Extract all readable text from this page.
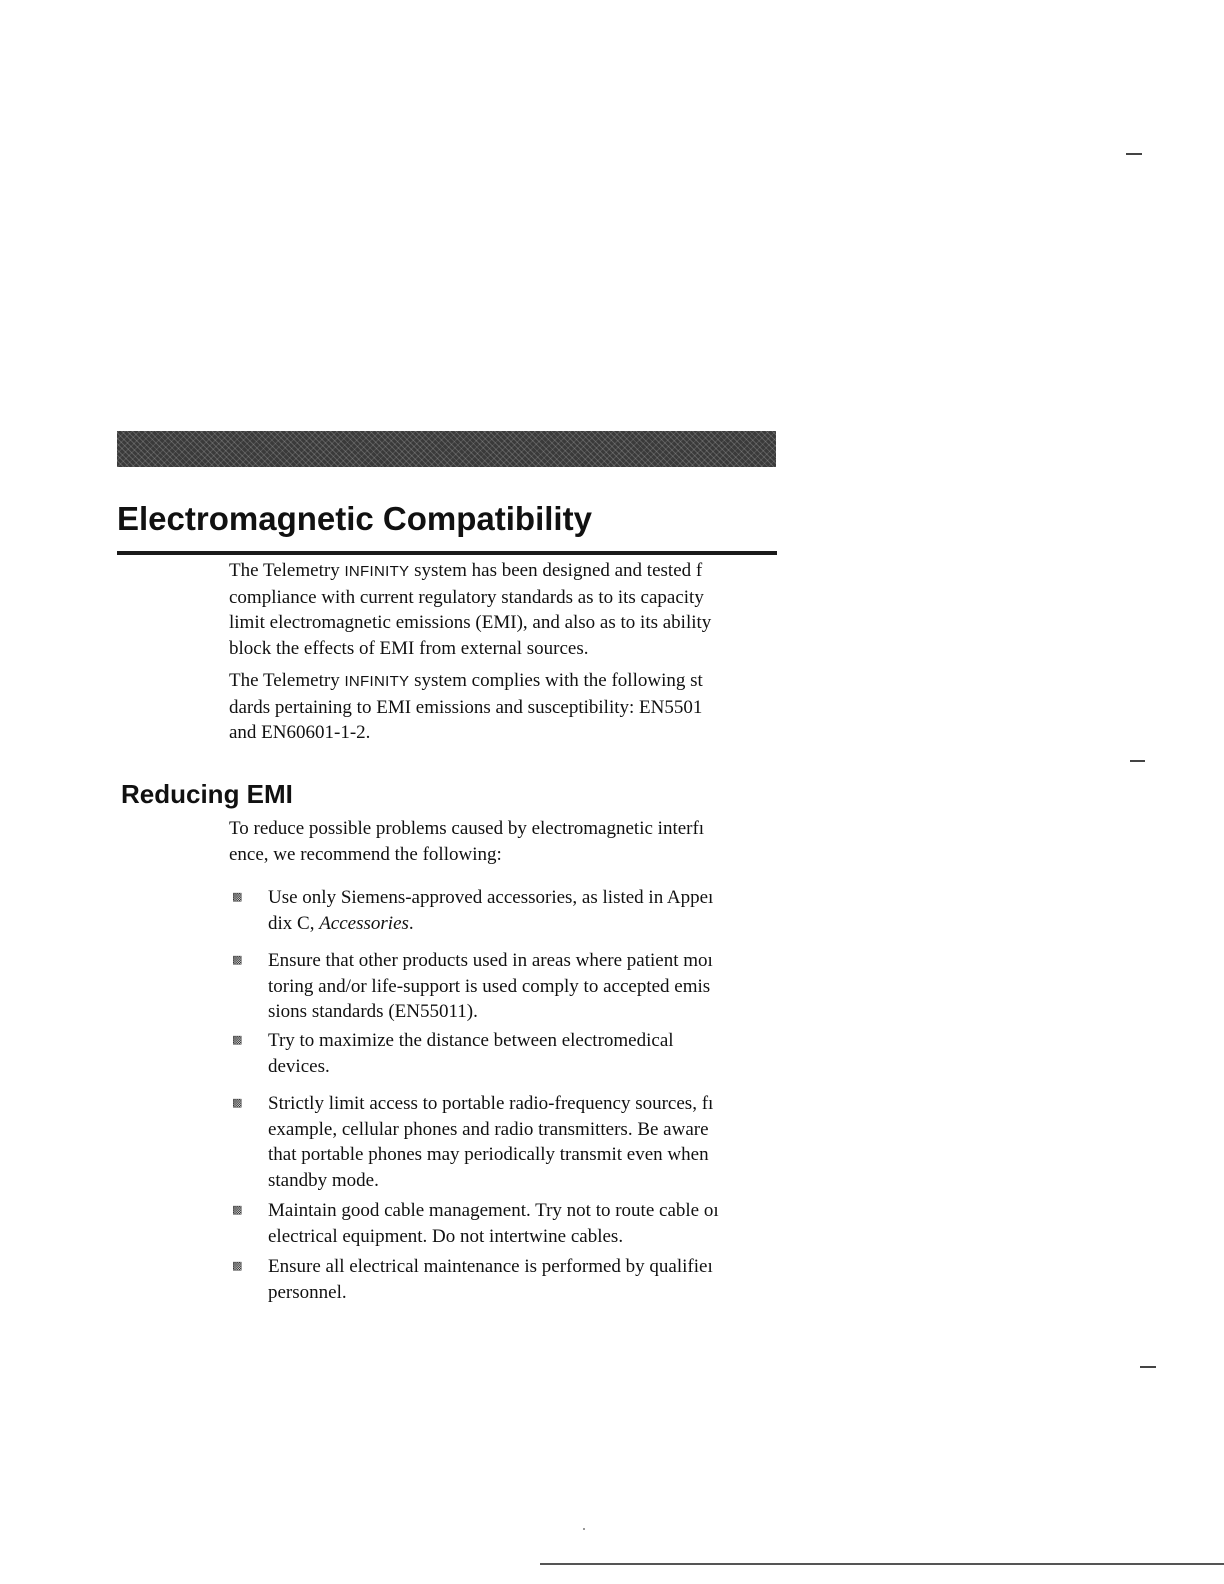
Electromagnetic Compatibility
The Telemetry INFINITY system has been designed and tested f
compliance with current regulatory standards as to its capacity
limit electromagnetic emissions (EMI), and also as to its ability
block the effects of EMI from external sources.
The Telemetry INFINITY system complies with the following st
dards pertaining to EMI emissions and susceptibility: EN5501
and EN60601-1-2.
Reducing EMI
To reduce possible problems caused by electromagnetic interfı
ence, we recommend the following:
▩ Use only Siemens-approved accessories, as listed in Appeı
dix C, Accessories.
▩ Ensure that other products used in areas where patient moı
toring and/or life-support is used comply to accepted emis
sions standards (EN55011).
▩ Try to maximize the distance between electromedical
devices.
▩ Strictly limit access to portable radio-frequency sources, fı
example, cellular phones and radio transmitters. Be aware
that portable phones may periodically transmit even when
standby mode.
▩ Maintain good cable management. Try not to route cable oı
electrical equipment. Do not intertwine cables.
▩ Ensure all electrical maintenance is performed by qualifieı
personnel.
